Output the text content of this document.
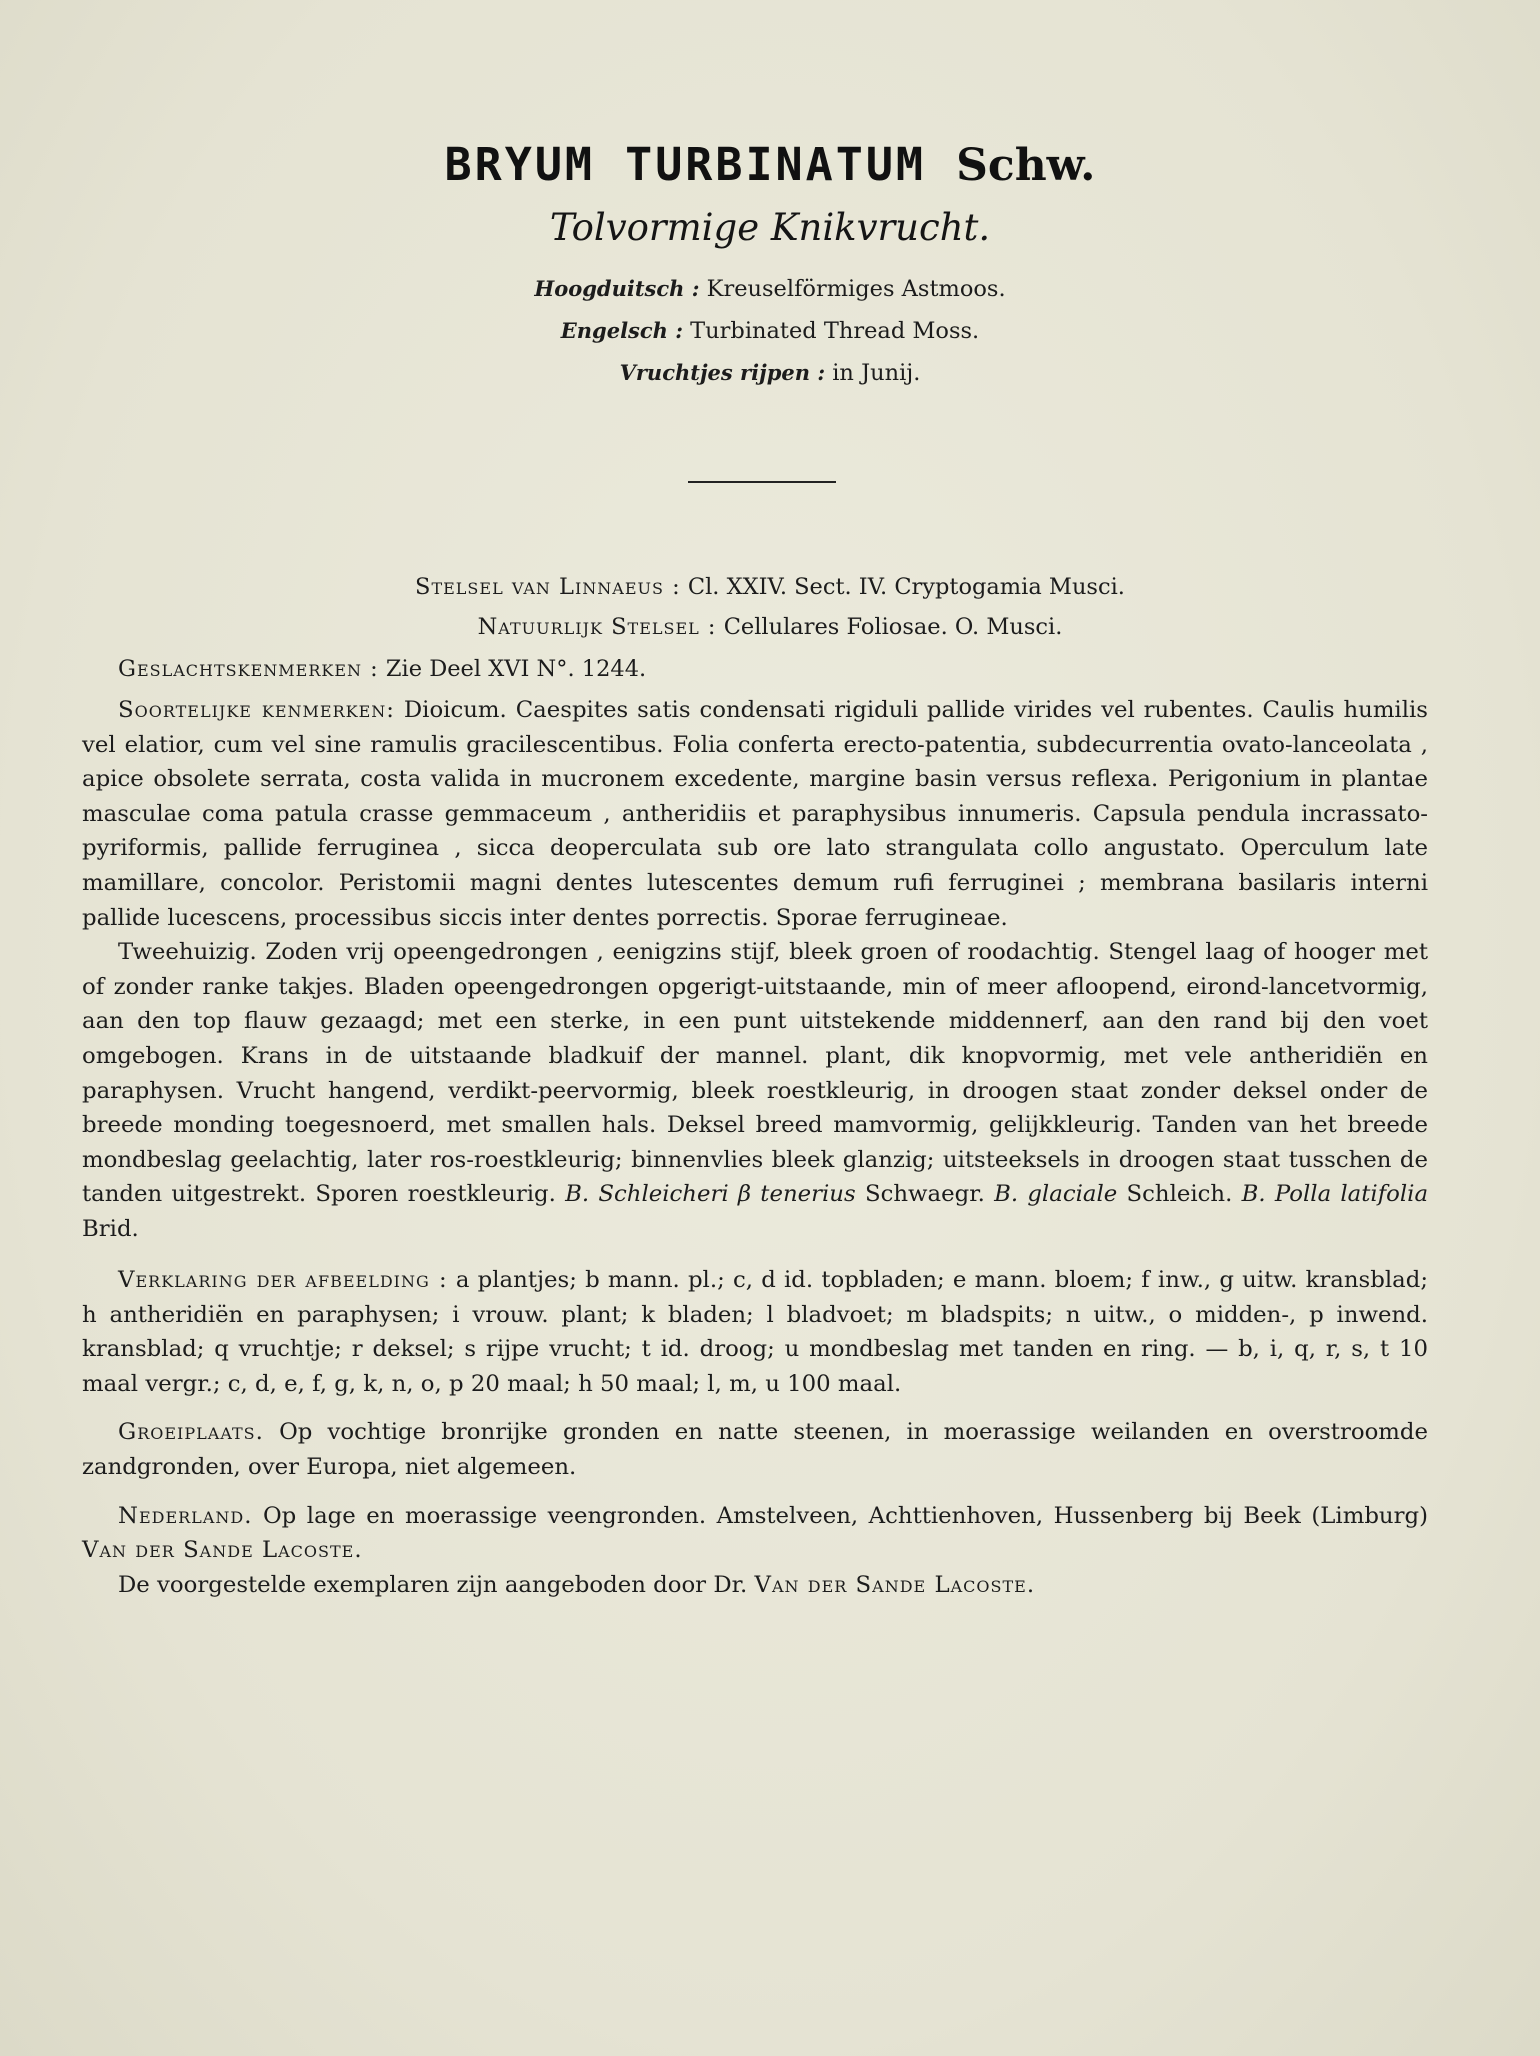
BRYUM TURBINATUM Schw.
Tolvormige Knikvrucht.
Hoogduitsch : Kreuselförmiges Astmoos.
Engelsch : Turbinated Thread Moss.
Vruchtjes rijpen : in Junij.
Stelsel van Linnaeus : Cl. XXIV. Sect. IV. Cryptogamia Musci.
Natuurlijk Stelsel : Cellulares Foliosae. O. Musci.
Geslachtskenmerken : Zie Deel XVI N°. 1244.

Soortelijke kenmerken: Dioicum. Caespites satis condensati rigiduli pallide virides vel rubentes. Caulis humilis vel elatior, cum vel sine ramulis gracilescentibus. Folia conferta erecto-patentia, subdecurrentia ovato-lanceolata , apice obsolete serrata, costa valida in mucronem excedente, margine basin versus reflexa. Perigonium in plantae masculae coma patula crasse gemmaceum , antheridiis et paraphysibus innumeris. Capsula pendula incrassato-pyriformis, pallide ferruginea , sicca deoperculata sub ore lato strangulata collo angustato. Operculum late mamillare, concolor. Peristomii magni dentes lutescentes demum rufi ferruginei ; membrana basilaris interni pallide lucescens, processibus siccis inter dentes porrectis. Sporae ferrugineae.

Tweehuizig. Zoden vrij opeengedrongen , eenigzins stijf, bleek groen of roodachtig. Stengel laag of hooger met of zonder ranke takjes. Bladen opeengedrongen opgerigt-uitstaande, min of meer afloopend, eirond-lancetvormig, aan den top flauw gezaagd; met een sterke, in een punt uitstekende middennerf, aan den rand bij den voet omgebogen. Krans in de uitstaande bladkuif der mannel. plant, dik knopvormig, met vele antheridiën en paraphysen. Vrucht hangend, verdikt-peervormig, bleek roestkleurig, in droogen staat zonder deksel onder de breede monding toegesnoerd, met smallen hals. Deksel breed mamvormig, gelijkkleurig. Tanden van het breede mondbeslag geelachtig, later ros-roestkleurig; binnenvlies bleek glanzig; uitsteeksels in droogen staat tusschen de tanden uitgestrekt. Sporen roestkleurig. B. Schleicheri β tenerius Schwaegr. B. glaciale Schleich. B. Polla latifolia Brid.

Verklaring der afbeelding : a plantjes; b mann. pl.; c, d id. topbladen; e mann. bloem; f inw., g uitw. kransblad; h antheridiën en paraphysen; i vrouw. plant; k bladen; l bladvoet; m bladspits; n uitw., o midden-, p inwend. kransblad; q vruchtje; r deksel; s rijpe vrucht; t id. droog; u mondbeslag met tanden en ring. — b, i, q, r, s, t 10 maal vergr.; c, d, e, f, g, k, n, o, p 20 maal; h 50 maal; l, m, u 100 maal.

Groeiplaats. Op vochtige bronrijke gronden en natte steenen, in moerassige weilanden en overstroomde zandgronden, over Europa, niet algemeen.

Nederland. Op lage en moerassige veengronden. Amstelveen, Achttienhoven, Hussenberg bij Beek (Limburg) Van der Sande Lacoste.

De voorgestelde exemplaren zijn aangeboden door Dr. Van der Sande Lacoste.
